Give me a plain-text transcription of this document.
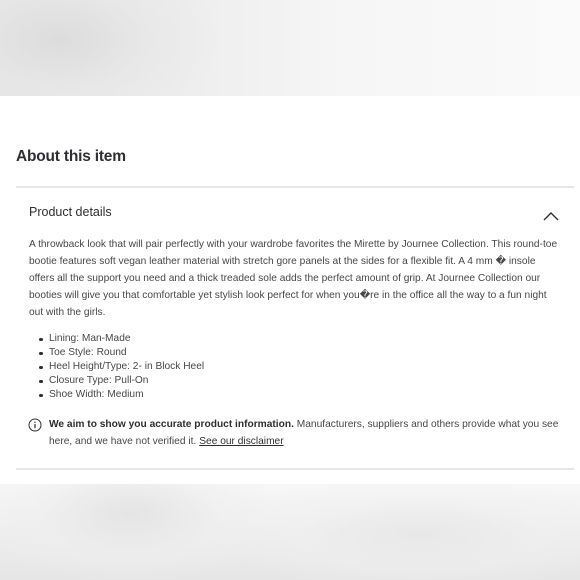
About this item
Product details

A throwback look that will pair perfectly with your wardrobe favorites the Mirette by Journee Collection. This round-toe bootie features soft vegan leather material with stretch gore panels at the sides for a flexible fit. A 4 mm � insole offers all the support you need and a thick treaded sole adds the perfect amount of grip. At Journee Collection our booties will give you that comfortable yet stylish look perfect for when you�re in the office all the way to a fun night out with the girls.

Lining: Man-Made
Toe Style: Round
Heel Height/Type: 2- in Block Heel
Closure Type: Pull-On
Shoe Width: Medium

We aim to show you accurate product information. Manufacturers, suppliers and others provide what you see here, and we have not verified it. See our disclaimer
